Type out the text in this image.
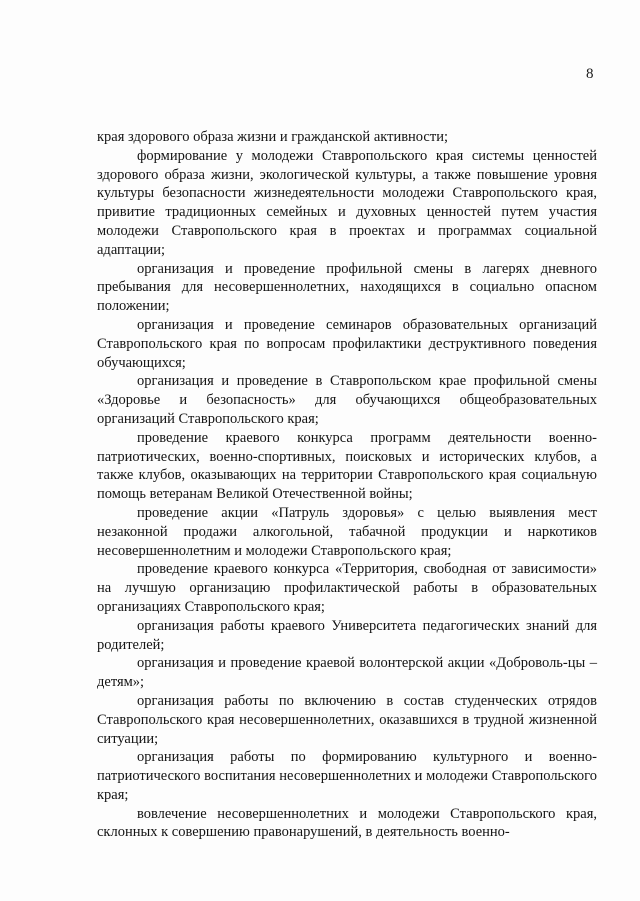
8

края здорового образа жизни и гражданской активности;

формирование у молодежи Ставропольского края системы ценностей здорового образа жизни, экологической культуры, а также повышение уровня культуры безопасности жизнедеятельности молодежи Ставропольского края, привитие традиционных семейных и духовных ценностей путем участия молодежи Ставропольского края в проектах и программах социальной адаптации;

организация и проведение профильной смены в лагерях дневного пребывания для несовершеннолетних, находящихся в социально опасном положении;

организация и проведение семинаров образовательных организаций Ставропольского края по вопросам профилактики деструктивного поведения обучающихся;

организация и проведение в Ставропольском крае профильной смены «Здоровье и безопасность» для обучающихся общеобразовательных организаций Ставропольского края;

проведение краевого конкурса программ деятельности военно-патриотических, военно-спортивных, поисковых и исторических клубов, а также клубов, оказывающих на территории Ставропольского края социальную помощь ветеранам Великой Отечественной войны;

проведение акции «Патруль здоровья» с целью выявления мест незаконной продажи алкогольной, табачной продукции и наркотиков несовершеннолетним и молодежи Ставропольского края;

проведение краевого конкурса «Территория, свободная от зависимости» на лучшую организацию профилактической работы в образовательных организациях Ставропольского края;

организация работы краевого Университета педагогических знаний для родителей;

организация и проведение краевой волонтерской акции «Доброволь-цы – детям»;

организация работы по включению в состав студенческих отрядов Ставропольского края несовершеннолетних, оказавшихся в трудной жизненной ситуации;

организация работы по формированию культурного и военно-патриотического воспитания несовершеннолетних и молодежи Ставропольского края;

вовлечение несовершеннолетних и молодежи Ставропольского края, склонных к совершению правонарушений, в деятельность военно-
